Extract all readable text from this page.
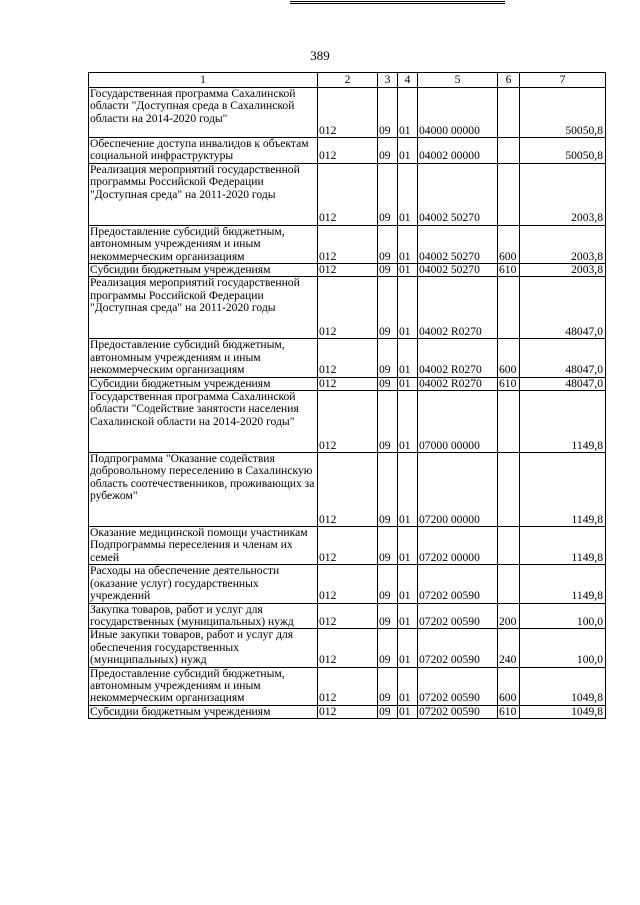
389
1	2	3	4	5	6	7
Государственная программа Сахалинской области "Доступная среда в Сахалинской области на 2014-2020 годы"	012	09	01	04000 00000		50050,8
Обеспечение доступа инвалидов к объектам социальной инфраструктуры	012	09	01	04002 00000		50050,8
Реализация мероприятий государственной программы Российской Федерации "Доступная среда" на 2011-2020 годы	012	09	01	04002 50270		2003,8
Предоставление субсидий бюджетным, автономным учреждениям и иным некоммерческим организациям	012	09	01	04002 50270	600	2003,8
Субсидии бюджетным учреждениям	012	09	01	04002 50270	610	2003,8
Реализация мероприятий государственной программы Российской Федерации "Доступная среда" на 2011-2020 годы	012	09	01	04002 R0270		48047,0
Предоставление субсидий бюджетным, автономным учреждениям и иным некоммерческим организациям	012	09	01	04002 R0270	600	48047,0
Субсидии бюджетным учреждениям	012	09	01	04002 R0270	610	48047,0
Государственная программа Сахалинской области "Содействие занятости населения Сахалинской области на 2014-2020 годы"	012	09	01	07000 00000		1149,8
Подпрограмма "Оказание содействия добровольному переселению в Сахалинскую область соотечественников, проживающих за рубежом"	012	09	01	07200 00000		1149,8
Оказание медицинской помощи участникам Подпрограммы переселения и членам их семей	012	09	01	07202 00000		1149,8
Расходы на обеспечение деятельности (оказание услуг) государственных учреждений	012	09	01	07202 00590		1149,8
Закупка товаров, работ и услуг для государственных (муниципальных) нужд	012	09	01	07202 00590	200	100,0
Иные закупки товаров, работ и услуг для обеспечения государственных (муниципальных) нужд	012	09	01	07202 00590	240	100,0
Предоставление субсидий бюджетным, автономным учреждениям и иным некоммерческим организациям	012	09	01	07202 00590	600	1049,8
Субсидии бюджетным учреждениям	012	09	01	07202 00590	610	1049,8
